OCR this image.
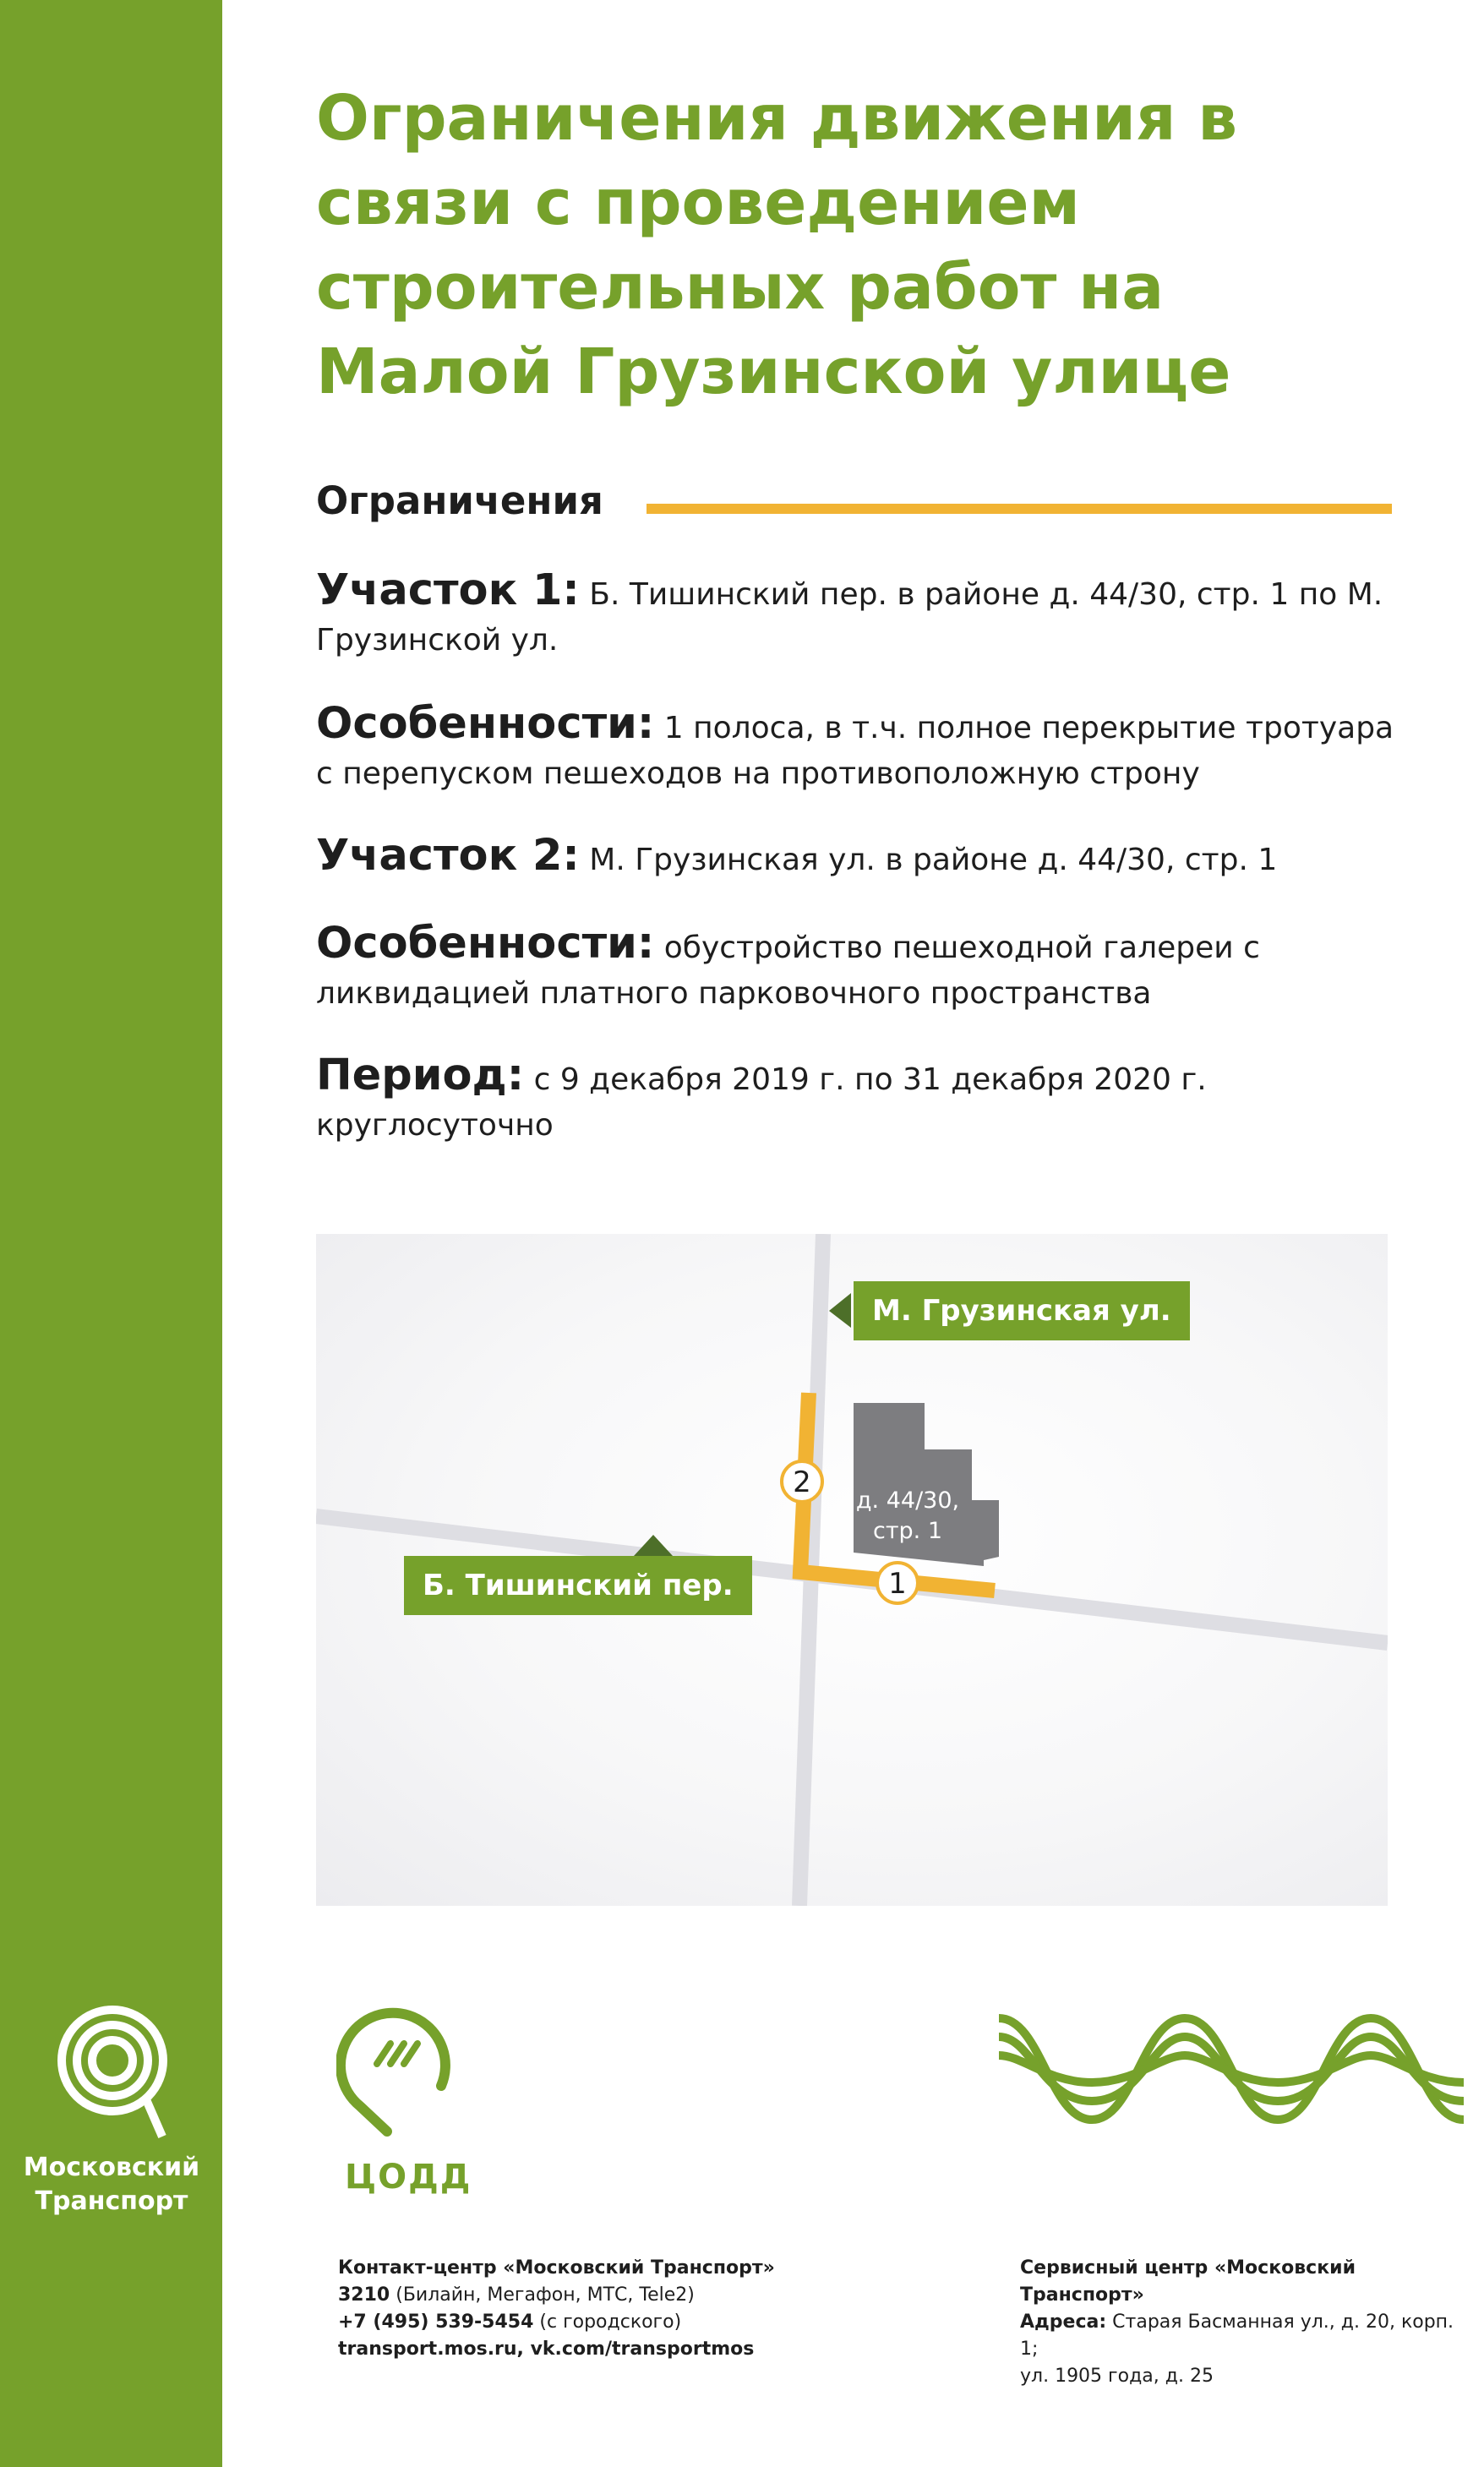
Ограничения движения в
связи с проведением
строительных работ на
Малой Грузинской улице
Ограничения
Участок 1: Б. Тишинский пер. в районе д. 44/30, стр. 1 по М. Грузинской ул.
Особенности: 1 полоса, в т.ч. полное перекрытие тротуара с перепуском пешеходов на противоположную строну
Участок 2: М. Грузинская ул. в районе д. 44/30, стр. 1
Особенности: обустройство пешеходной галереи с ликвидацией платного парковочного пространства
Период: с 9 декабря 2019 г. по 31 декабря 2020 г. круглосуточно
М. Грузинская ул.
Б. Тишинский пер.
д. 44/30,
стр. 1
2
1
Московский
Транспорт
ЦОДД
Контакт-центр «Московский Транспорт»
3210 (Билайн, Мегафон, МТС, Tele2)
+7 (495) 539-5454 (с городского)
transport.mos.ru, vk.com/transportmos
Сервисный центр «Московский Транспорт»
Адреса: Старая Басманная ул., д. 20, корп. 1;
ул. 1905 года, д. 25
